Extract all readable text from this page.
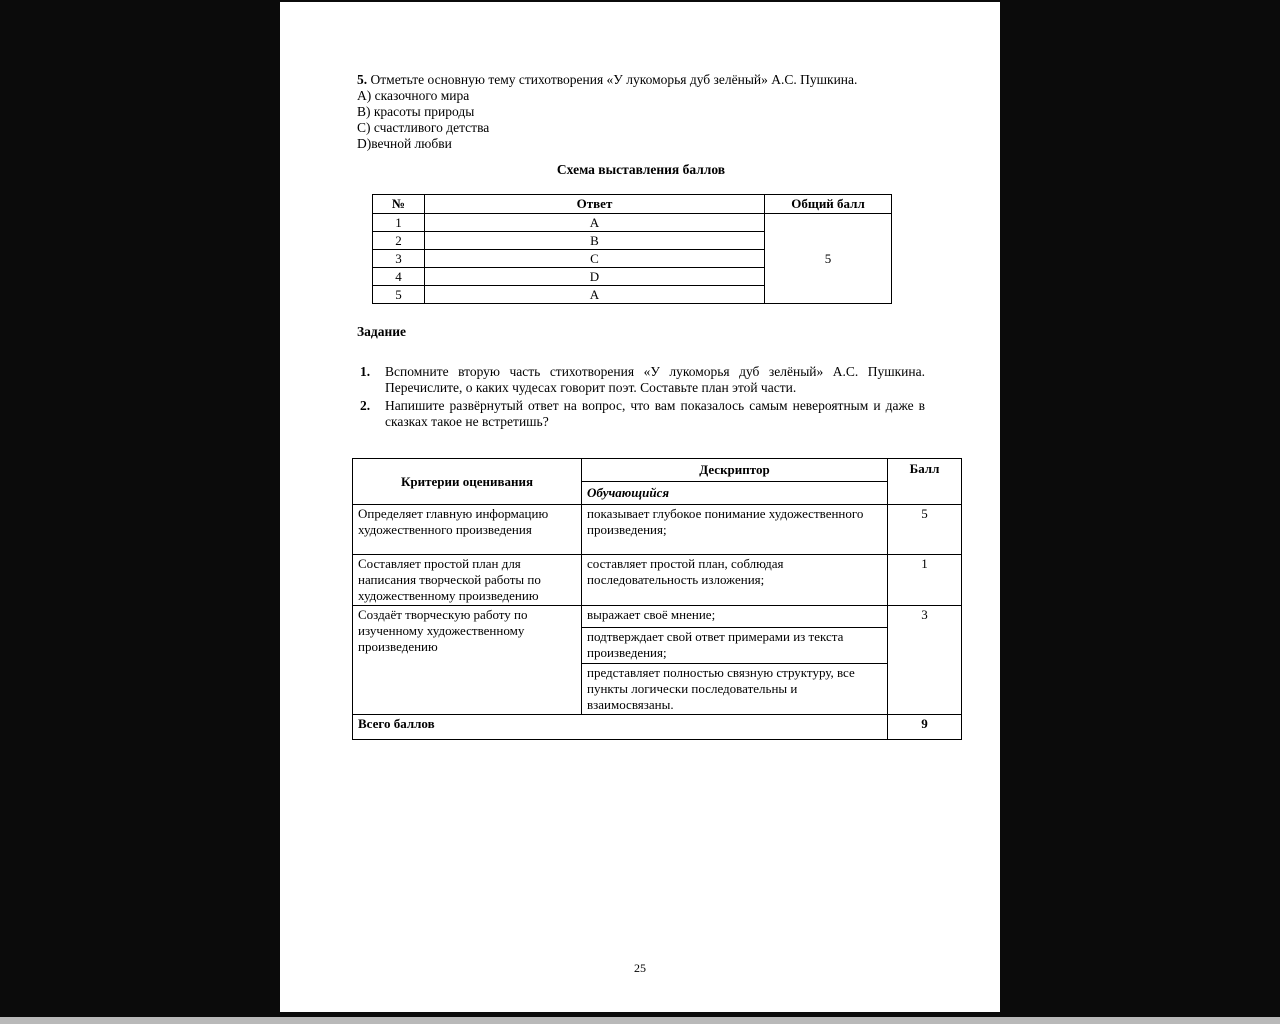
5. Отметьте основную тему стихотворения «У лукоморья дуб зелёный» А.С. Пушкина.

А) сказочного мира

В) красоты природы

С) счастливого детства

D)вечной любви

Схема выставления баллов

№	Ответ	Общий балл
1	А	5
2	В	
3	С	
4	D	
5	А	

Задание

1.	Вспомните вторую часть стихотворения «У лукоморья дуб зелёный» А.С. Пушкина. Перечислите, о каких чудесах говорит поэт. Составьте план этой части.
2.	Напишите развёрнутый ответ на вопрос, что вам показалось самым невероятным и даже в сказках такое не встретишь?
Критерии оценивания	Дескриптор	Балл
	Обучающийся	
Определяет главную информацию художественного произведения	показывает глубокое понимание художественного произведения;	5
Составляет простой план для написания творческой работы по художественному произведению	составляет простой план, соблюдая последовательность изложения;	1
Создаёт творческую работу по изученному художественному произведению	выражает своё мнение;	3
	подтверждает свой ответ примерами из текста произведения;	
	представляет полностью связную структуру, все пункты логически последовательны и взаимосвязаны.	
Всего баллов		9
25
